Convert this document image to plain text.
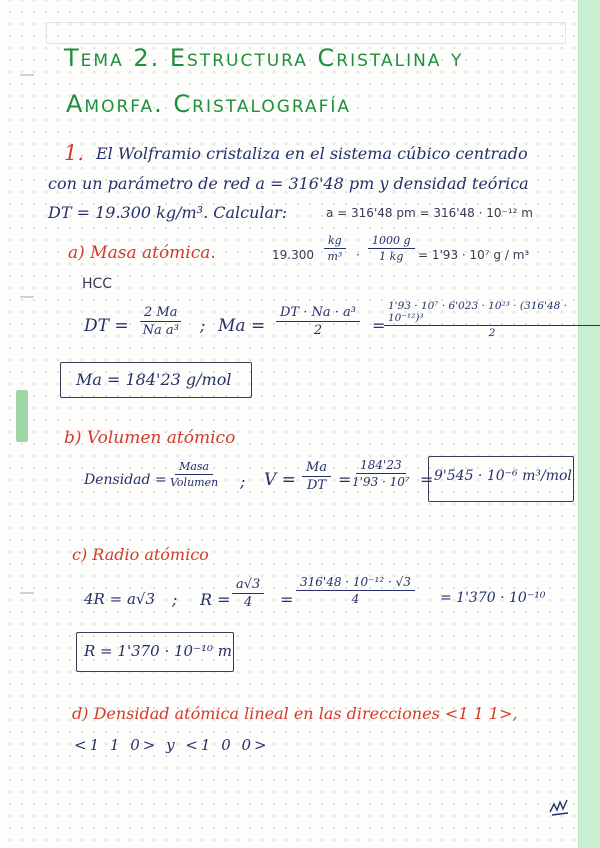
Tema 2. Estructura Cristalina y
Amorfa. Cristalografía
1. El Wolframio cristaliza en el sistema cúbico centrado
con un parámetro de red a = 316'48 pm y densidad teórica
DT = 19.300 kg/m³. Calcular:	a = 316'48 pm = 316'48 · 10⁻¹² m
a) Masa atómica.	$19.300 \frac{kg}{\text{m³}} \cdot \frac{1000 g}{1 kg} = 1'93 \cdot 10^7$ g / m³
HCC
DT = $\frac{2 Ma}{\text{Na a³}}$ ; $Ma = \frac{\text{DT · Na · a³}}{2}$ =
$\frac{\text{1'93 · 10⁷ · 6'023 · 10²³ · (316'48 · 10⁻¹²)³}}{2}$
Ma = 184'23 g/mol
b) Volumen atómico
Densidad =
Masa
Volumen ; $V = \frac{Ma}{DT} = \frac{184'23}{\text{1'93 · 10⁷}} = 9'545 \cdot 10^{-6}$ m³/mol
c) Radio atómico
4R = a√3 ; $R = \frac{a√3}{4} = \frac{\text{316'48 · 10⁻¹² · √3}}{4} = 1'370 \cdot 10^{-10}$
R = 1'370 · 10⁻¹⁰ m
d) Densidad atómica lineal en las direcciones <1 1 1>,
<1 1 0> y <1 0 0>
